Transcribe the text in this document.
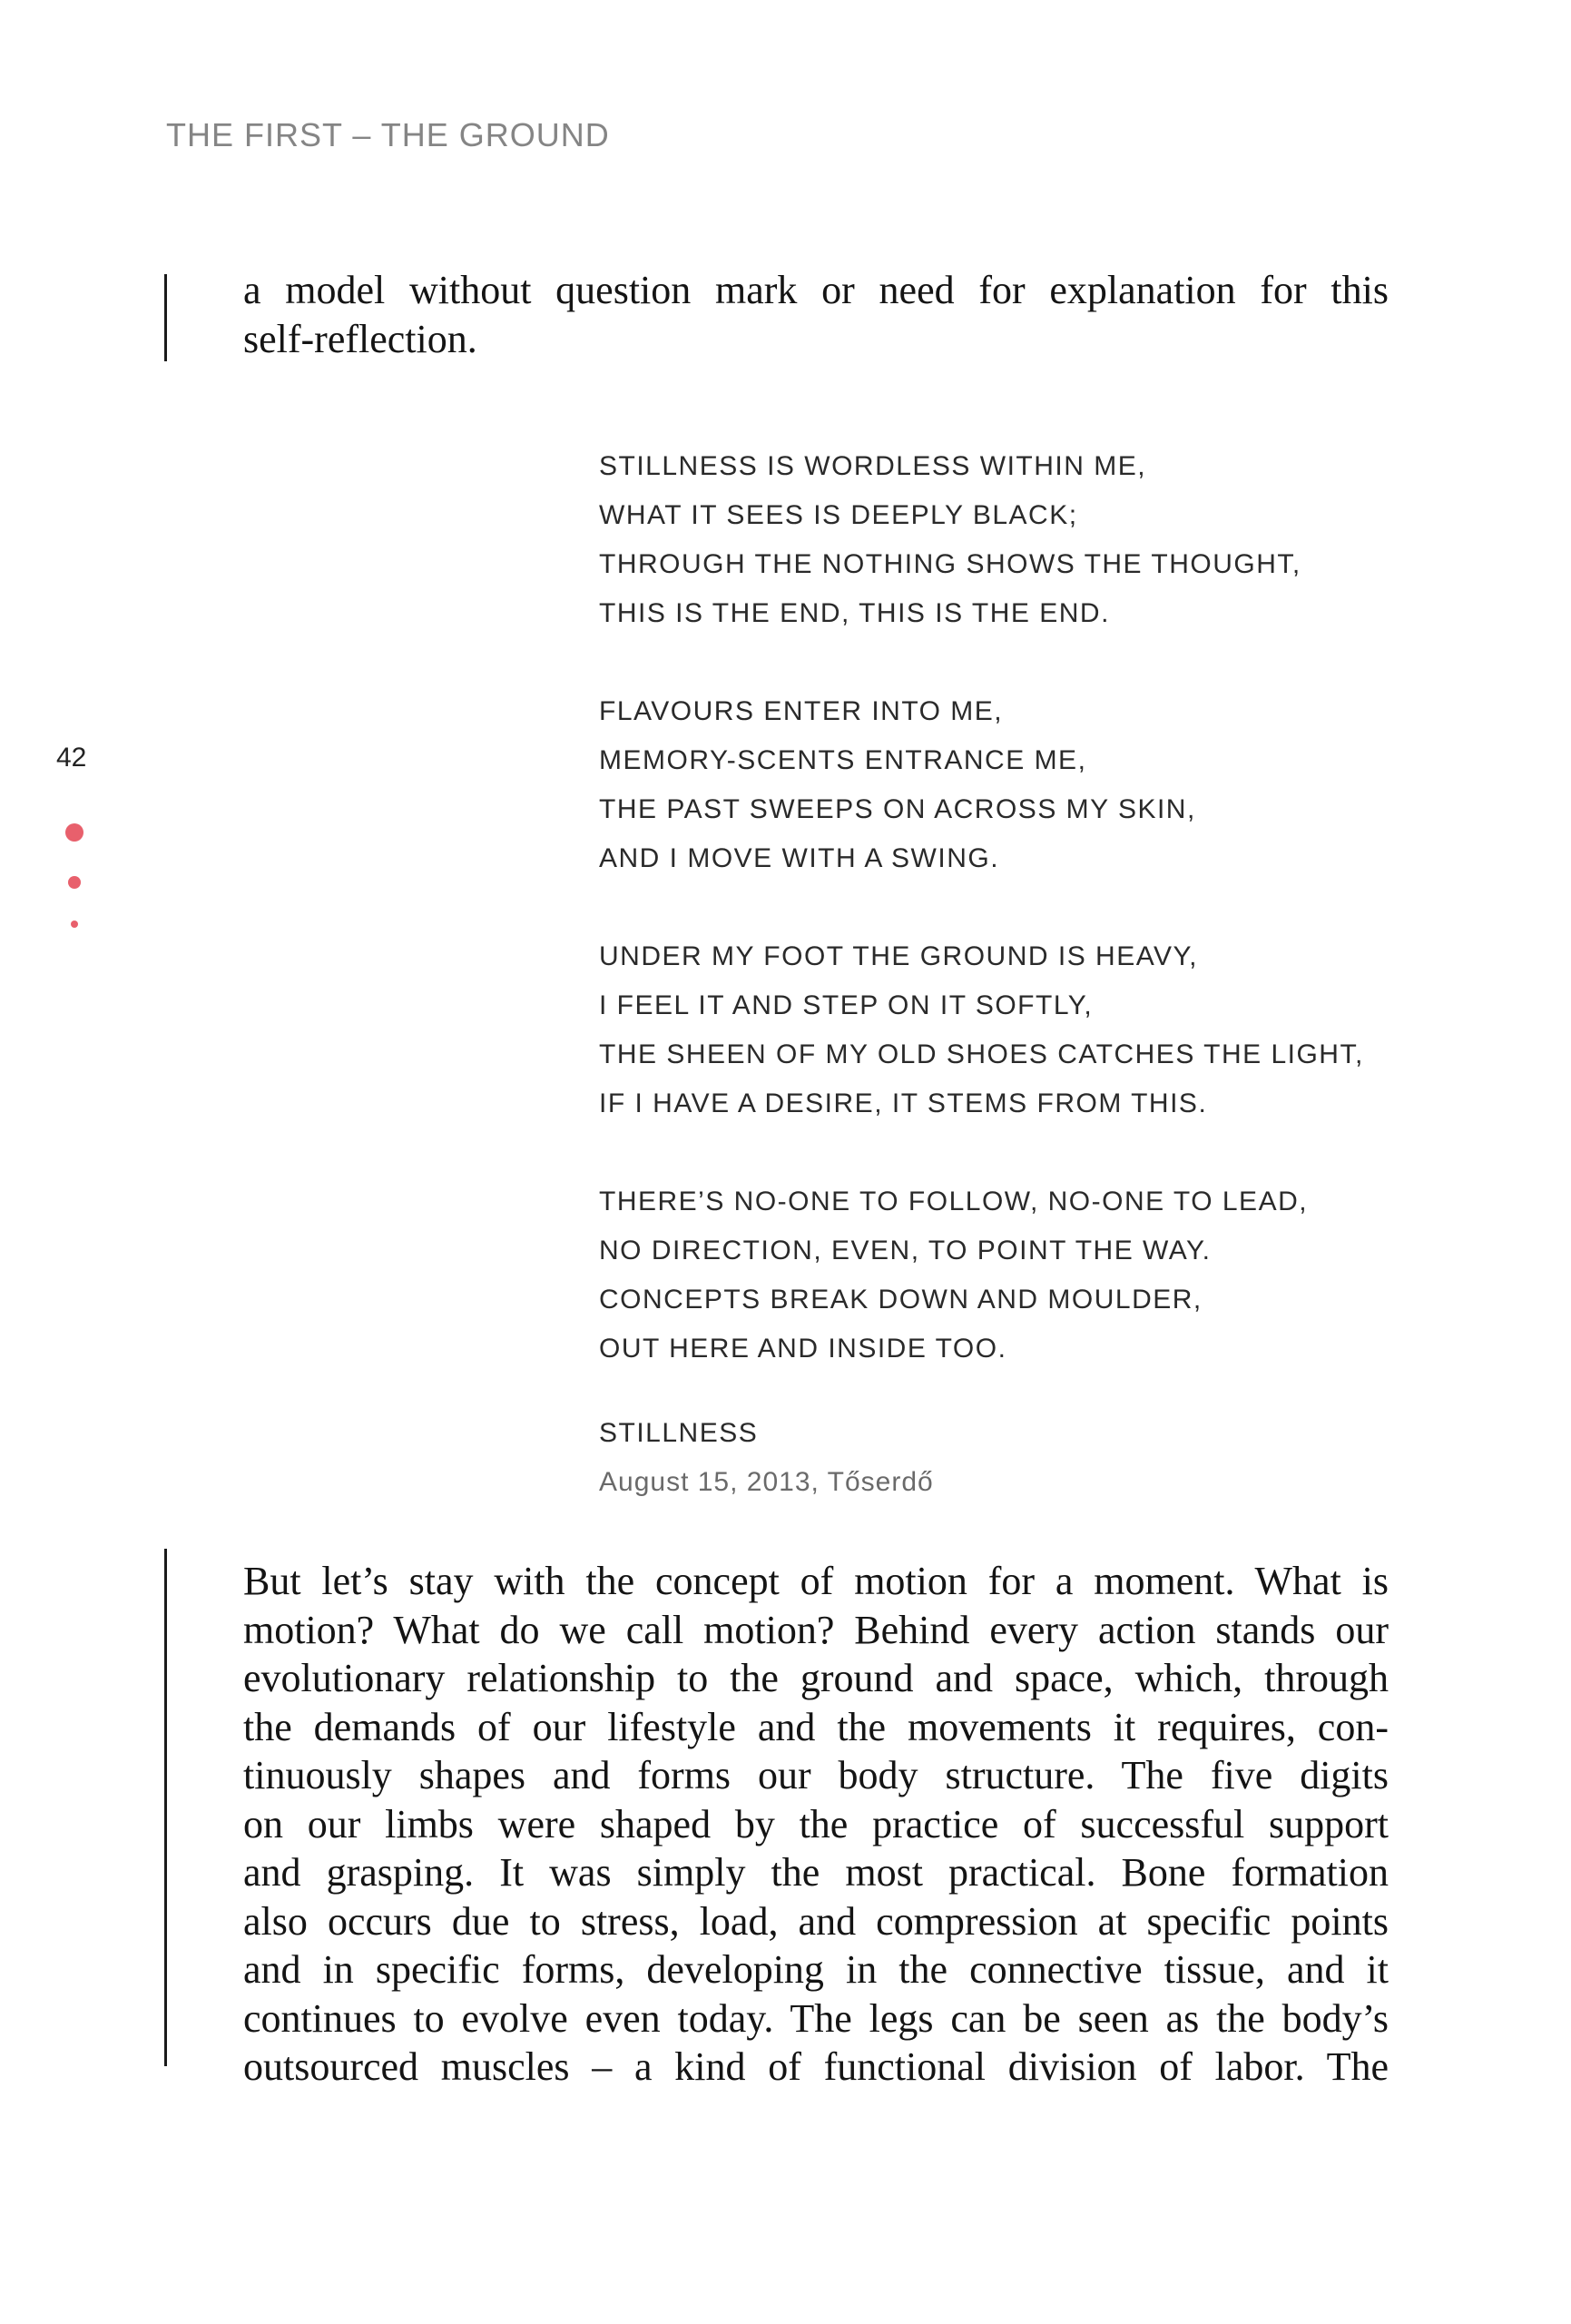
THE FIRST – THE GROUND
42

a model without question mark or need for explanation for this
self-reflection.

STILLNESS IS WORDLESS WITHIN ME,
WHAT IT SEES IS DEEPLY BLACK;
THROUGH THE NOTHING SHOWS THE THOUGHT,
THIS IS THE END, THIS IS THE END.
FLAVOURS ENTER INTO ME,
MEMORY-SCENTS ENTRANCE ME,
THE PAST SWEEPS ON ACROSS MY SKIN,
AND I MOVE WITH A SWING.
UNDER MY FOOT THE GROUND IS HEAVY,
I FEEL IT AND STEP ON IT SOFTLY,
THE SHEEN OF MY OLD SHOES CATCHES THE LIGHT,
IF I HAVE A DESIRE, IT STEMS FROM THIS.
THERE’S NO-ONE TO FOLLOW, NO-ONE TO LEAD,
NO DIRECTION, EVEN, TO POINT THE WAY.
CONCEPTS BREAK DOWN AND MOULDER,
OUT HERE AND INSIDE TOO.
STILLNESS
August 15, 2013, Tőserdő

But let’s stay with the concept of motion for a moment. What is
motion? What do we call motion? Behind every action stands our
evolutionary relationship to the ground and space, which, through
the demands of our lifestyle and the movements it requires, con-
tinuously shapes and forms our body structure. The five digits
on our limbs were shaped by the practice of successful support
and grasping. It was simply the most practical. Bone formation
also occurs due to stress, load, and compression at specific points
and in specific forms, developing in the connective tissue, and it
continues to evolve even today. The legs can be seen as the body’s
outsourced muscles – a kind of functional division of labor. The
